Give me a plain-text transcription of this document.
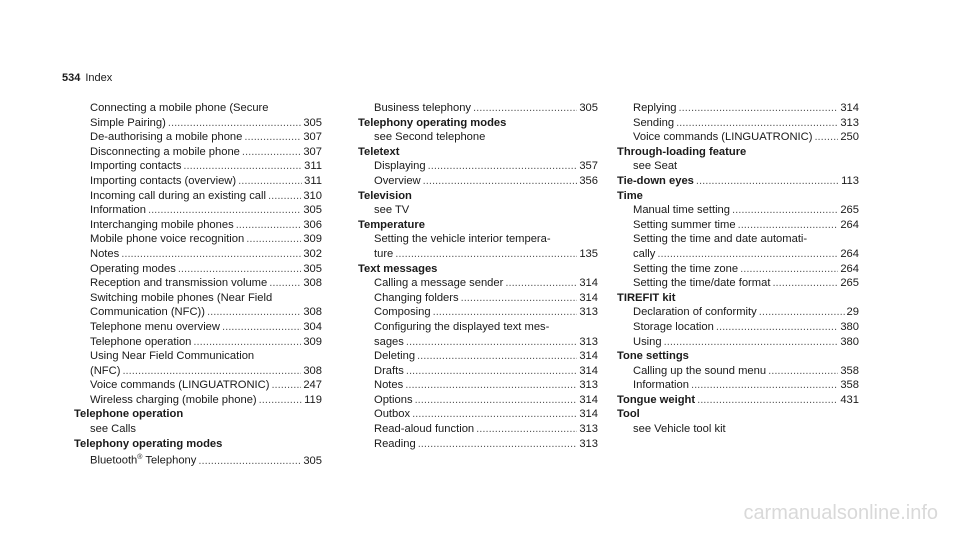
534 Index
Connecting a mobile phone (Secure
Simple Pairing) .....	305
De-authorising a mobile phone .....	307
Disconnecting a mobile phone .....	307
Importing contacts .....	311
Importing contacts (overview) .....	311
Incoming call during an existing call .....	310
Information .....	305
Interchanging mobile phones .....	306
Mobile phone voice recognition .....	309
Notes .....	302
Operating modes .....	305
Reception and transmission volume .....	308
Switching mobile phones (Near Field
Communication (NFC)) .....	308
Telephone menu overview .....	304
Telephone operation .....	309
Using Near Field Communication
(NFC) .....	308
Voice commands (LINGUATRONIC) .....	247
Wireless charging (mobile phone) .....	119
Telephone operation
see Calls
Telephony operating modes
Bluetooth® Telephony .....	305
Business telephony .....	305
Telephony operating modes
see Second telephone
Teletext
Displaying .....	357
Overview .....	356
Television
see TV
Temperature
Setting the vehicle interior tempera-
ture .....	135
Text messages
Calling a message sender .....	314
Changing folders .....	314
Composing .....	313
Configuring the displayed text mes-
sages .....	313
Deleting .....	314
Drafts .....	314
Notes .....	313
Options .....	314
Outbox .....	314
Read-aloud function .....	313
Reading .....	313
Replying .....	314
Sending .....	313
Voice commands (LINGUATRONIC) ..... 250
Through-loading feature
see Seat
Tie-down eyes .....	113
Time
Manual time setting .....	265
Setting summer time .....	264
Setting the time and date automati-
cally .....	264
Setting the time zone .....	264
Setting the time/date format .....	265
TIREFIT kit
Declaration of conformity .....	29
Storage location .....	380
Using .....	380
Tone settings
Calling up the sound menu .....	358
Information .....	358
Tongue weight .....	431
Tool
see Vehicle tool kit
carmanualsonline.info
